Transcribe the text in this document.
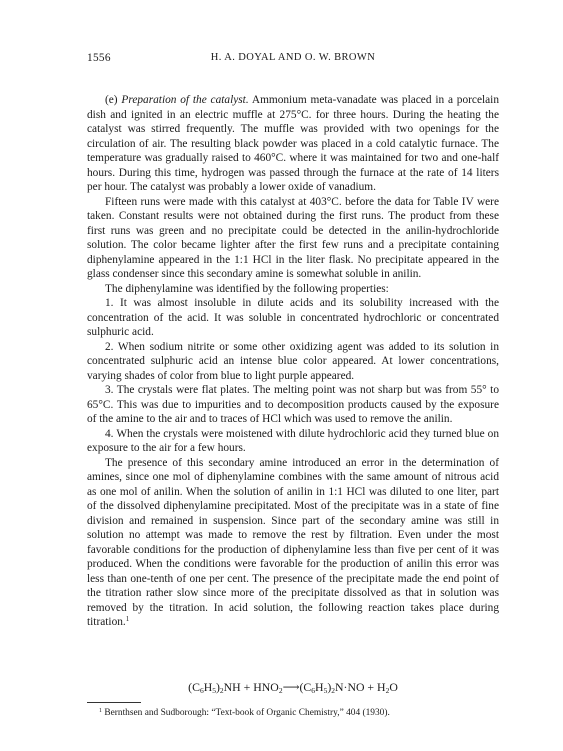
1556	H. A. DOYAL AND O. W. BROWN

(e) Preparation of the catalyst. Ammonium meta-vanadate was placed in a porcelain dish and ignited in an electric muffle at 275°C. for three hours. During the heating the catalyst was stirred frequently. The muffle was provided with two openings for the circulation of air. The resulting black powder was placed in a cold catalytic furnace. The temperature was gradually raised to 460°C. where it was maintained for two and one-half hours. During this time, hydrogen was passed through the furnace at the rate of 14 liters per hour. The catalyst was probably a lower oxide of vanadium.

Fifteen runs were made with this catalyst at 403°C. before the data for Table IV were taken. Constant results were not obtained during the first runs. The product from these first runs was green and no precipitate could be detected in the anilin-hydrochloride solution. The color became lighter after the first few runs and a precipitate containing diphenylamine appeared in the 1:1 HCl in the liter flask. No precipitate appeared in the glass condenser since this secondary amine is somewhat soluble in anilin.

The diphenylamine was identified by the following properties:

1. It was almost insoluble in dilute acids and its solubility increased with the concentration of the acid. It was soluble in concentrated hydrochloric or concentrated sulphuric acid.

2. When sodium nitrite or some other oxidizing agent was added to its solution in concentrated sulphuric acid an intense blue color appeared. At lower concentrations, varying shades of color from blue to light purple appeared.

3. The crystals were flat plates. The melting point was not sharp but was from 55° to 65°C. This was due to impurities and to decomposition products caused by the exposure of the amine to the air and to traces of HCl which was used to remove the anilin.

4. When the crystals were moistened with dilute hydrochloric acid they turned blue on exposure to the air for a few hours.

The presence of this secondary amine introduced an error in the determination of amines, since one mol of diphenylamine combines with the same amount of nitrous acid as one mol of anilin. When the solution of anilin in 1:1 HCl was diluted to one liter, part of the dissolved diphenylamine precipitated. Most of the precipitate was in a state of fine division and remained in suspension. Since part of the secondary amine was still in solution no attempt was made to remove the rest by filtration. Even under the most favorable conditions for the production of diphenylamine less than five per cent of it was produced. When the conditions were favorable for the production of anilin this error was less than one-tenth of one per cent. The presence of the precipitate made the end point of the titration rather slow since more of the precipitate dissolved as that in solution was removed by the titration. In acid solution, the following reaction takes place during titration.$^1$

$(C_6H_5)_2NH$ + $HNO_2⟶(C_6H_5)_2N\cdot NO + H_2O$
$^1$ Bernthsen and Sudborough: “Text-book of Organic Chemistry,” 404 (1930).
